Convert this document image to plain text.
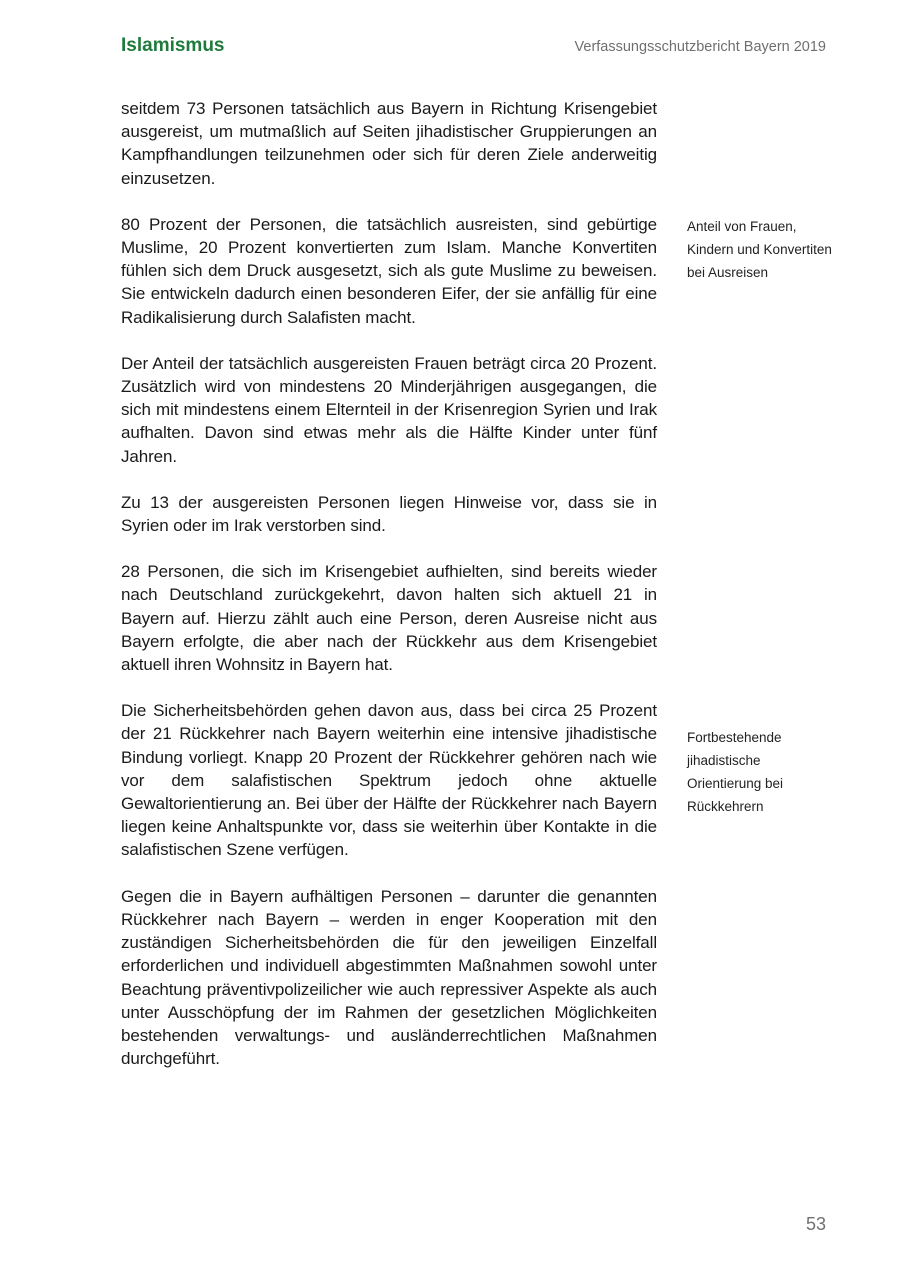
Islamismus	Verfassungsschutzbericht Bayern 2019

seitdem 73 Personen tatsächlich aus Bayern in Richtung Krisengebiet ausgereist, um mutmaßlich auf Seiten jihadistischer Gruppierungen an Kampfhandlungen teilzunehmen oder sich für deren Ziele anderweitig einzusetzen.

80 Prozent der Personen, die tatsächlich ausreisten, sind gebürtige Muslime, 20 Prozent konvertierten zum Islam. Manche Konvertiten fühlen sich dem Druck ausgesetzt, sich als gute Muslime zu beweisen. Sie entwickeln dadurch einen besonderen Eifer, der sie anfällig für eine Radikalisierung durch Salafisten macht.

Der Anteil der tatsächlich ausgereisten Frauen beträgt circa 20 Prozent. Zusätzlich wird von mindestens 20 Minderjährigen ausgegangen, die sich mit mindestens einem Elternteil in der Krisenregion Syrien und Irak aufhalten. Davon sind etwas mehr als die Hälfte Kinder unter fünf Jahren.

Zu 13 der ausgereisten Personen liegen Hinweise vor, dass sie in Syrien oder im Irak verstorben sind.

28 Personen, die sich im Krisengebiet aufhielten, sind bereits wieder nach Deutschland zurückgekehrt, davon halten sich aktuell 21 in Bayern auf. Hierzu zählt auch eine Person, deren Ausreise nicht aus Bayern erfolgte, die aber nach der Rückkehr aus dem Krisengebiet aktuell ihren Wohnsitz in Bayern hat.

Die Sicherheitsbehörden gehen davon aus, dass bei circa 25 Prozent der 21 Rückkehrer nach Bayern weiterhin eine intensive jihadistische Bindung vorliegt. Knapp 20 Prozent der Rückkehrer gehören nach wie vor dem salafistischen Spektrum jedoch ohne aktuelle Gewaltorientierung an. Bei über der Hälfte der Rückkehrer nach Bayern liegen keine Anhaltspunkte vor, dass sie weiterhin über Kontakte in die salafistischen Szene verfügen.

Gegen die in Bayern aufhältigen Personen – darunter die genannten Rückkehrer nach Bayern – werden in enger Kooperation mit den zuständigen Sicherheitsbehörden die für den jeweiligen Einzelfall erforderlichen und individuell abgestimmten Maßnahmen sowohl unter Beachtung präventivpolizeilicher wie auch repressiver Aspekte als auch unter Ausschöpfung der im Rahmen der gesetzlichen Möglichkeiten bestehenden verwaltungs- und ausländerrechtlichen Maßnahmen durchgeführt.

Anteil von Frauen, Kindern und Konvertiten bei Ausreisen
Fortbestehende jihadistische Orientierung bei Rückkehrern
53
